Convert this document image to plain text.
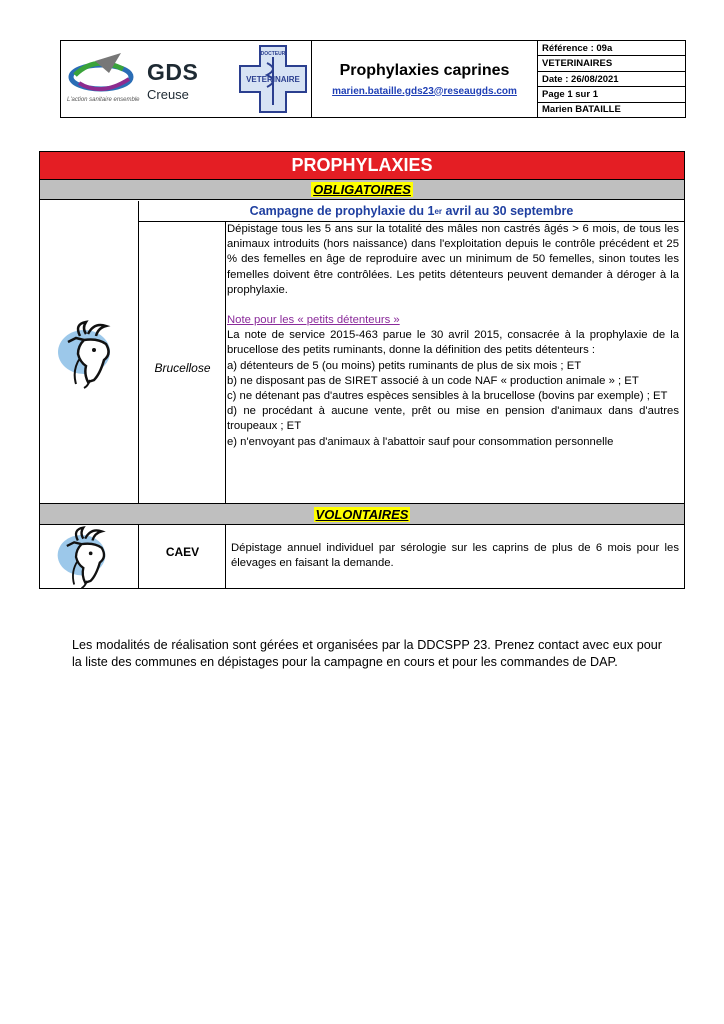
GDS
Creuse
L'action sanitaire ensemble
DOCTEUR
VETERINAIRE
Prophylaxies caprines
marien.bataille.gds23@reseaugds.com
Référence : 09a
VETERINAIRES
Date : 26/08/2021
Page 1 sur 1
Marien BATAILLE
PROPHYLAXIES
OBLIGATOIRES
Campagne de prophylaxie du 1 er avril au 30 septembre
Brucellose

Dépistage tous les 5 ans sur la totalité des mâles non castrés âgés > 6 mois, de tous les animaux introduits (hors naissance) dans l'exploitation depuis le contrôle précédent et 25 % des femelles en âge de reproduire avec un minimum de 50 femelles, sinon toutes les femelles doivent être contrôlées. Les petits détenteurs peuvent demander à déroger à la prophylaxie.

Note pour les « petits détenteurs »

La note de service 2015-463 parue le 30 avril 2015, consacrée à la prophylaxie de la brucellose des petits ruminants, donne la définition des petits détenteurs :

a) détenteurs de 5 (ou moins) petits ruminants de plus de six mois ; ET

b) ne disposant pas de SIRET associé à un code NAF « production animale » ; ET

c) ne détenant pas d'autres espèces sensibles à la brucellose (bovins par exemple) ; ET

d) ne procédant à aucune vente, prêt ou mise en pension d'animaux dans d'autres troupeaux ; ET

e) n'envoyant pas d'animaux à l'abattoir sauf pour consommation personnelle

VOLONTAIRES
CAEV	Dépistage annuel individuel par sérologie sur les caprins de plus de 6 mois pour les élevages en faisant la demande.

Les modalités de réalisation sont gérées et organisées par la DDCSPP 23. Prenez contact avec eux pour la liste des communes en dépistages pour la campagne en cours et pour les commandes de DAP.
